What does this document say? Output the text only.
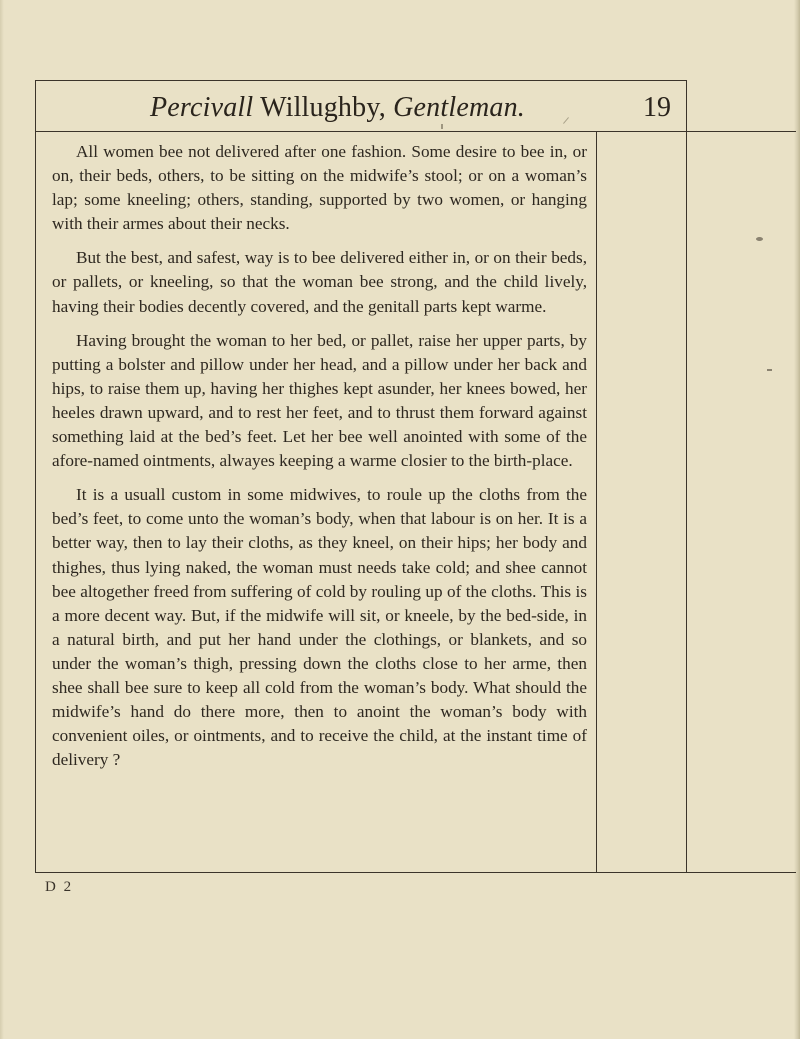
Percivall Willughby, Gentleman.	19

All women bee not delivered after one fashion. Some desire to bee in, or on, their beds, others, to be sitting on the midwife’s stool; or on a woman’s lap; some kneeling; others, standing, supported by two women, or hanging with their armes about their necks.

But the best, and safest, way is to bee delivered either in, or on their beds, or pallets, or kneeling, so that the woman bee strong, and the child lively, having their bodies decently covered, and the genitall parts kept warme.

Having brought the woman to her bed, or pallet, raise her upper parts, by putting a bolster and pillow under her head, and a pillow under her back and hips, to raise them up, having her thighes kept asunder, her knees bowed, her heeles drawn upward, and to rest her feet, and to thrust them forward against something laid at the bed’s feet. Let her bee well anointed with some of the afore-named ointments, alwayes keeping a warme closier to the birth-place.

It is a usuall custom in some midwives, to roule up the cloths from the bed’s feet, to come unto the woman’s body, when that labour is on her. It is a better way, then to lay their cloths, as they kneel, on their hips; her body and thighes, thus lying naked, the woman must needs take cold; and shee cannot bee altogether freed from suffering of cold by rouling up of the cloths. This is a more decent way. But, if the midwife will sit, or kneele, by the bed-side, in a natural birth, and put her hand under the clothings, or blankets, and so under the woman’s thigh, pressing down the cloths close to her arme, then shee shall bee sure to keep all cold from the woman’s body. What should the midwife’s hand do there more, then to anoint the woman’s body with convenient oiles, or ointments, and to receive the child, at the instant time of delivery ?

D 2
